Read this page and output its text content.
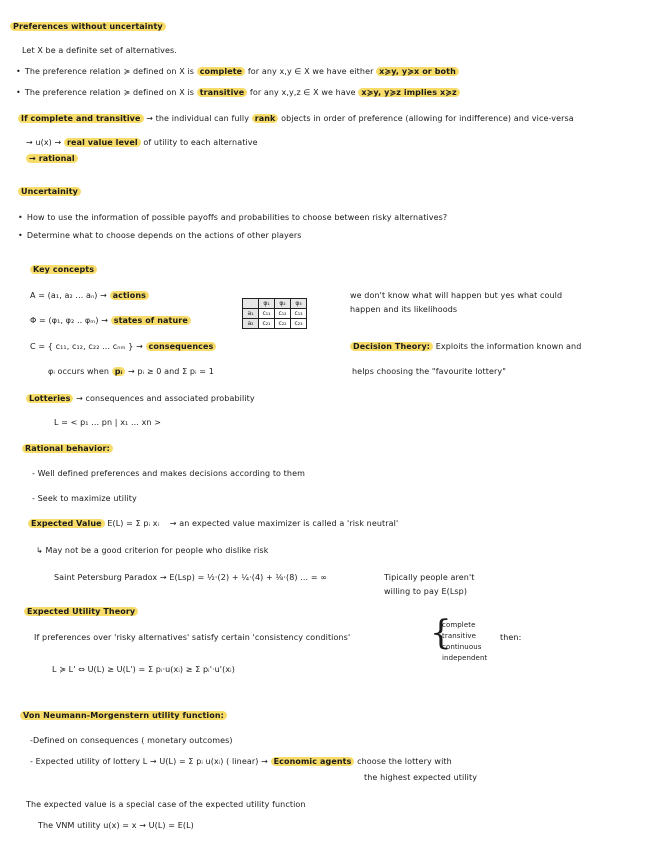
Preferences without uncertainty
Let X be a definite set of alternatives.
• The preference relation ≽ defined on X is complete for any x,y ∈ X we have either x≽y, y≽x or both
• The preference relation ≽ defined on X is transitive for any x,y,z ∈ X we have x≽y, y≽z implies x≽z
If complete and transitive → the individual can fully rank objects in order of preference (allowing for indifference) and vice-versa
→ u(x) → real value level of utility to each alternative
→ rational
Uncertainity
• How to use the information of possible payoffs and probabilities to choose between risky alternatives?
• Determine what to choose depends on the actions of other players
Key concepts
A = (a₁, a₂ ... aₙ) → actions
Φ = (φ₁, φ₂ .. φₘ) → states of nature
C = { c₁₁, c₁₂, c₂₂ ... cₙₘ } → consequences
φᵢ occurs when pᵢ → pᵢ ≥ 0 and Σ pᵢ = 1
	φ₁	φ₂	φ₃
a₁	c₁₁	c₁₂	c₁₃
a₂	c₂₁	c₂₂	c₂₃
we don't know what will happen but yes what could
happen and its likelihoods
Decision Theory: Exploits the information known and
helps choosing the "favourite lottery"
Lotteries → consequences and associated probability
L = < p₁ ... pn | x₁ ... xn >
Rational behavior:
- Well defined preferences and makes decisions according to them
- Seek to maximize utility
Expected Value E(L) = Σ pᵢ xᵢ → an expected value maximizer is called a 'risk neutral'
↳ May not be a good criterion for people who dislike risk
Saint Petersburg Paradox → E(Lsp) = ½·(2) + ¼·(4) + ⅛·(8) ... = ∞	Tipically people aren't
willing to pay E(Lsp)
Expected Utility Theory
If preferences over 'risky alternatives' satisfy certain 'consistency conditions' {
complete
transitive
continuous
independent
then:
L ≽ L' ⇔ U(L) ≥ U(L') = Σ pᵢ·u(xᵢ) ≥ Σ pᵢ'·u'(xᵢ)
Von Neumann-Morgenstern utility function:
-Defined on consequences ( monetary outcomes)
- Expected utility of lottery L → U(L) = Σ pᵢ u(xᵢ) ( linear) → Economic agents choose the lottery with
the highest expected utility
The expected value is a special case of the expected utility function
The VNM utility u(x) = x → U(L) = E(L)
